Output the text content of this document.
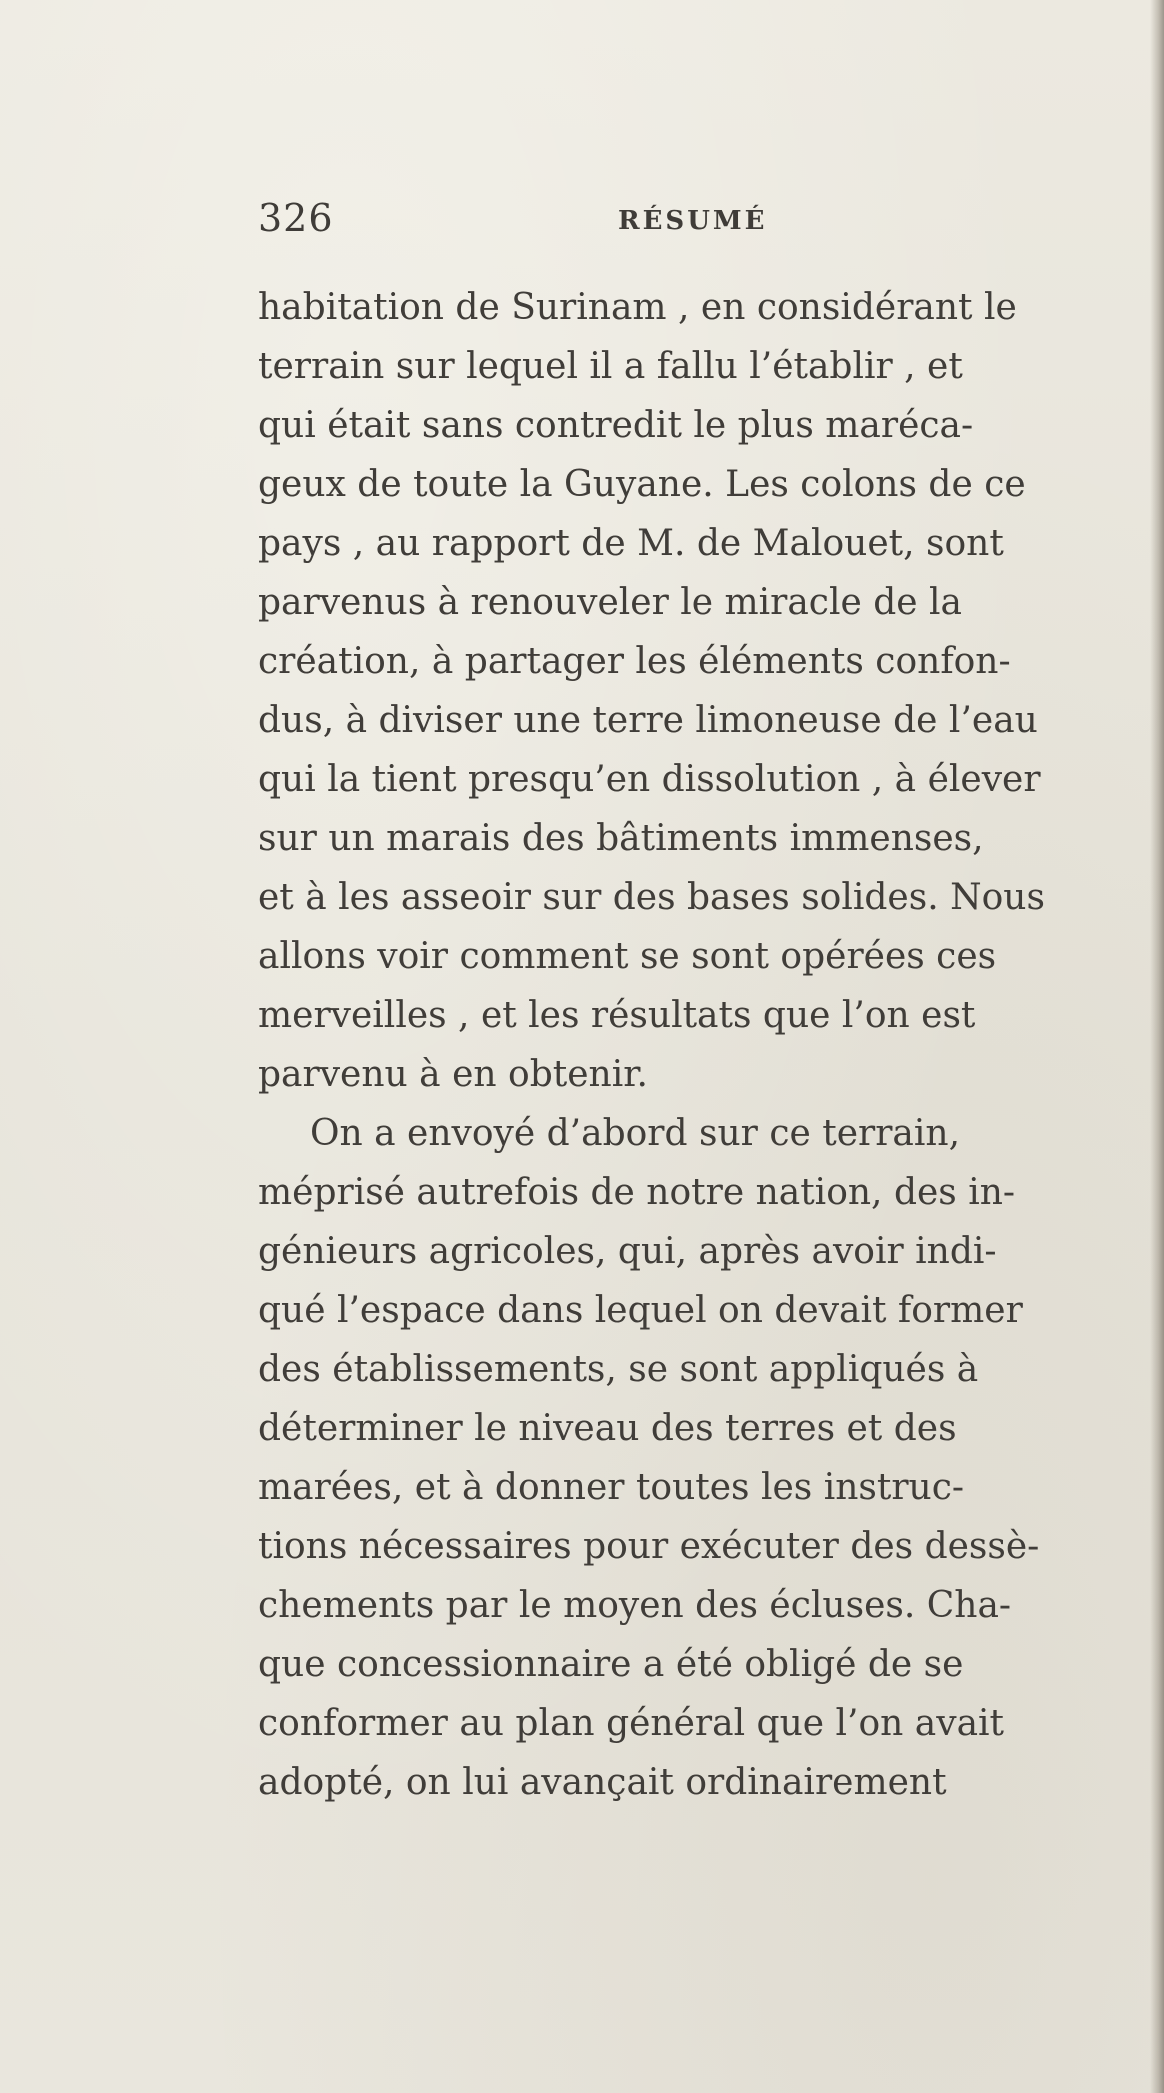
326	RÉSUMÉ
habitation de Surinam , en considérant le
terrain sur lequel il a fallu l’établir , et
qui était sans contredit le plus maréca-
geux de toute la Guyane. Les colons de ce
pays , au rapport de M. de Malouet, sont
parvenus à renouveler le miracle de la
création, à partager les éléments confon-
dus, à diviser une terre limoneuse de l’eau
qui la tient presqu’en dissolution , à élever
sur un marais des bâtiments immenses,
et à les asseoir sur des bases solides. Nous
allons voir comment se sont opérées ces
merveilles , et les résultats que l’on est
parvenu à en obtenir.
On a envoyé d’abord sur ce terrain,
méprisé autrefois de notre nation, des in-
génieurs agricoles, qui, après avoir indi-
qué l’espace dans lequel on devait former
des établissements, se sont appliqués à
déterminer le niveau des terres et des
marées, et à donner toutes les instruc-
tions nécessaires pour exécuter des dessè-
chements par le moyen des écluses. Cha-
que concessionnaire a été obligé de se
conformer au plan général que l’on avait
adopté, on lui avançait ordinairement
